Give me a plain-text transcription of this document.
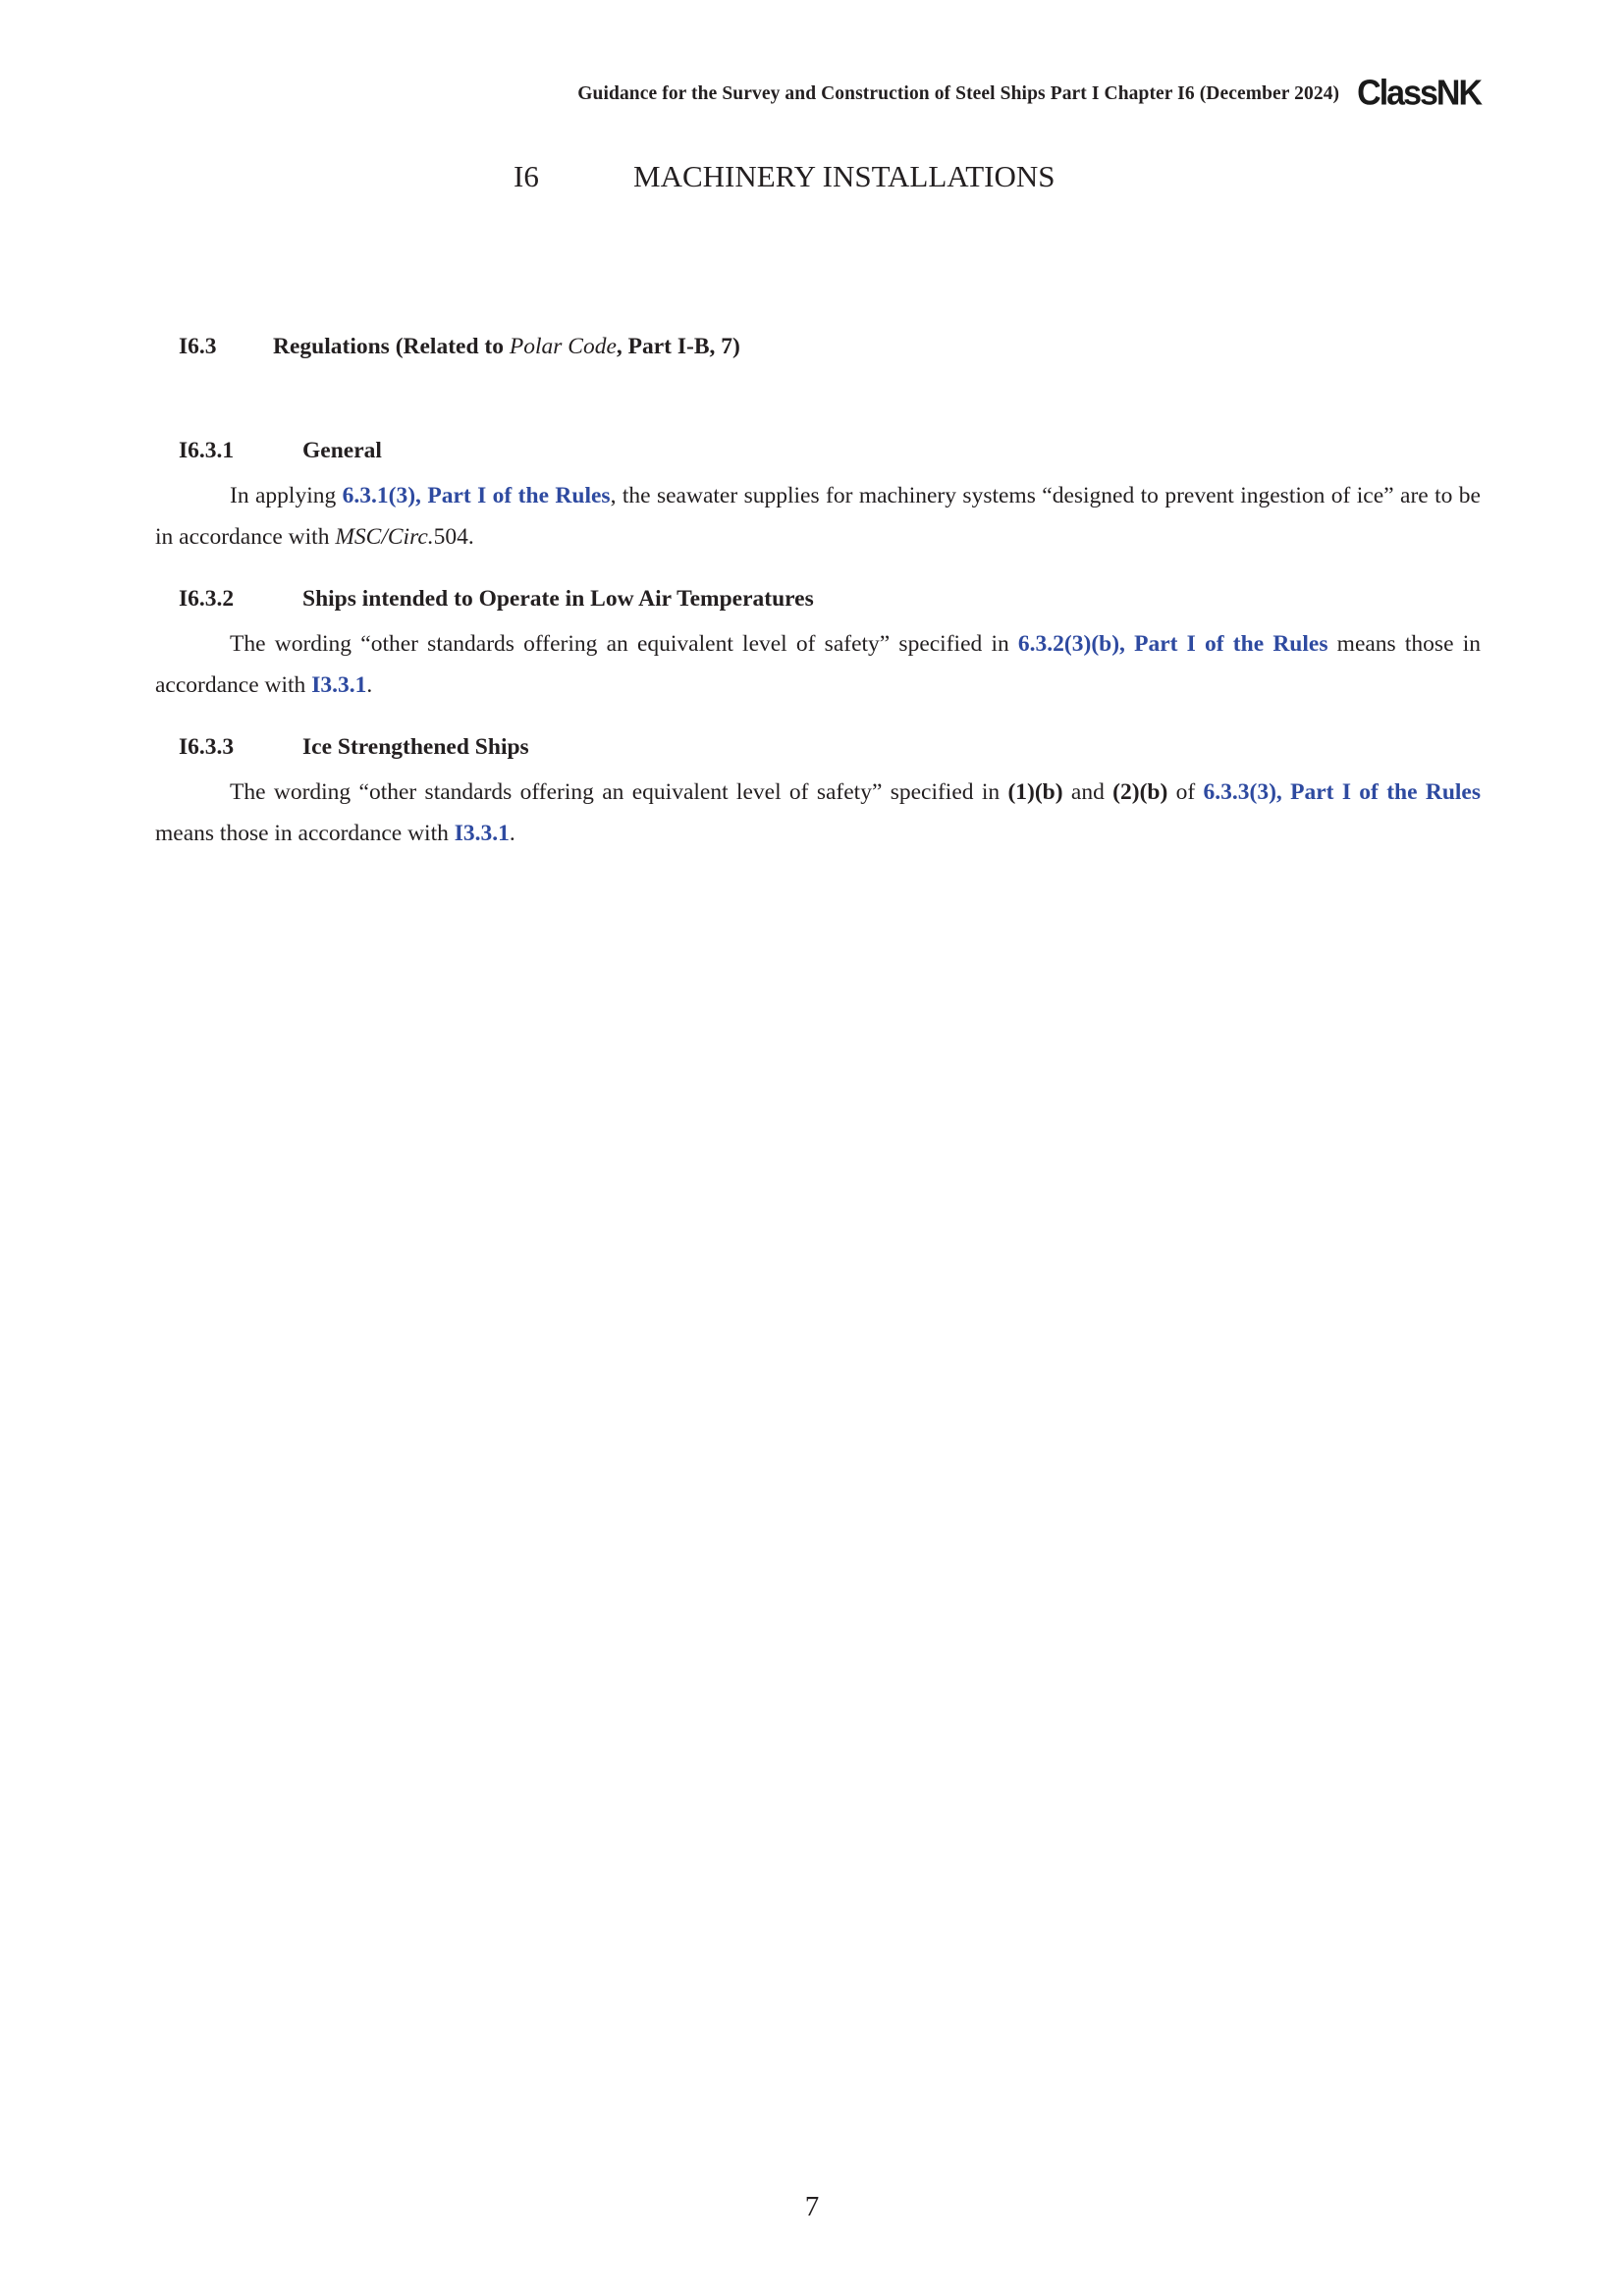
Guidance for the Survey and Construction of Steel Ships Part I Chapter I6 (December 2024) ClassNK
I6	MACHINERY INSTALLATIONS
I6.3	Regulations (Related to Polar Code, Part I-B, 7)
I6.3.1	General

In applying 6.3.1(3), Part I of the Rules, the seawater supplies for machinery systems “designed to prevent ingestion of ice” are to be in accordance with MSC/Circ.504.

I6.3.2	Ships intended to Operate in Low Air Temperatures

The wording “other standards offering an equivalent level of safety” specified in 6.3.2(3)(b), Part I of the Rules means those in accordance with I3.3.1.

I6.3.3	Ice Strengthened Ships

The wording “other standards offering an equivalent level of safety” specified in (1)(b) and (2)(b) of 6.3.3(3), Part I of the Rules means those in accordance with I3.3.1.

7
